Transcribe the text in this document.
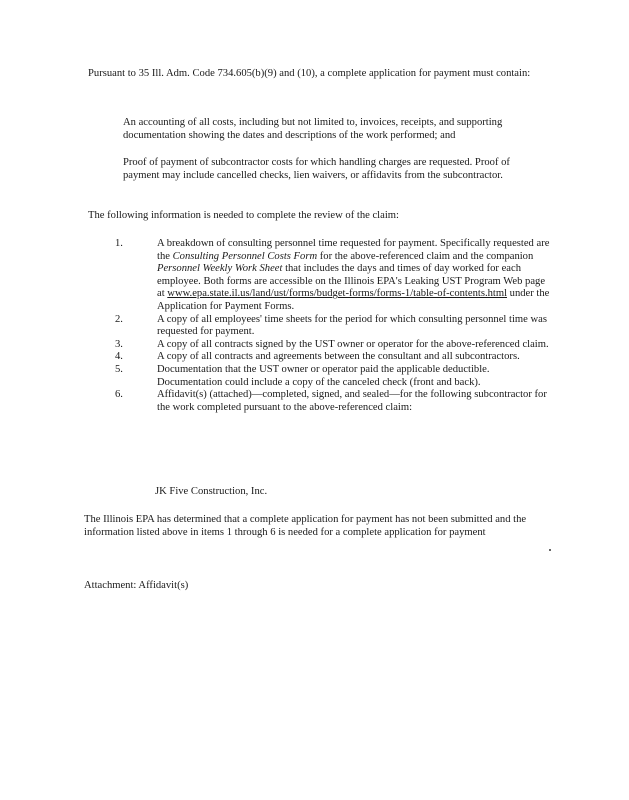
Pursuant to 35 Ill. Adm. Code 734.605(b)(9) and (10), a complete application for payment must contain:

An accounting of all costs, including but not limited to, invoices, receipts, and supporting documentation showing the dates and descriptions of the work performed; and

Proof of payment of subcontractor costs for which handling charges are requested. Proof of payment may include cancelled checks, lien waivers, or affidavits from the subcontractor.

The following information is needed to complete the review of the claim:

1.	A breakdown of consulting personnel time requested for payment. Specifically requested are the Consulting Personnel Costs Form for the above-referenced claim and the companion Personnel Weekly Work Sheet that includes the days and times of day worked for each employee. Both forms are accessible on the Illinois EPA's Leaking UST Program Web page at www.epa.state.il.us/land/ust/forms/budget-forms/forms-1/table-of-contents.html under the Application for Payment Forms.
2.	A copy of all employees' time sheets for the period for which consulting personnel time was requested for payment.
3.	A copy of all contracts signed by the UST owner or operator for the above-referenced claim.
4.	A copy of all contracts and agreements between the consultant and all subcontractors.
5.	Documentation that the UST owner or operator paid the applicable deductible. Documentation could include a copy of the canceled check (front and back).
6.	Affidavit(s) (attached)—completed, signed, and sealed—for the following subcontractor for the work completed pursuant to the above-referenced claim:

JK Five Construction, Inc.

The Illinois EPA has determined that a complete application for payment has not been submitted and the information listed above in items 1 through 6 is needed for a complete application for payment

Attachment: Affidavit(s)
